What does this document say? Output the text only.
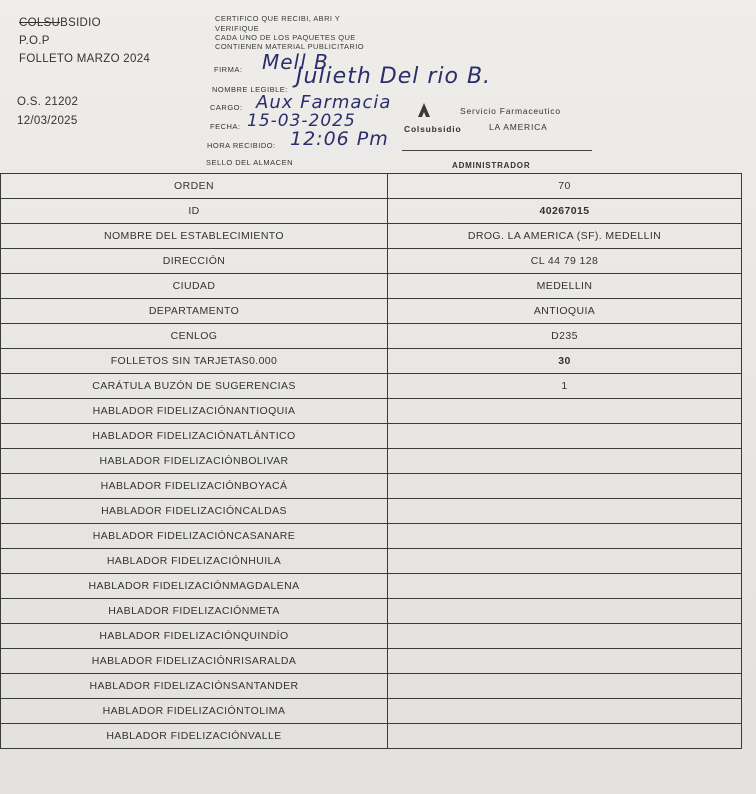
COLSUBSIDIO
P.O.P
FOLLETO MARZO 2024
O.S. 21202
12/03/2025
CERTIFICO QUE RECIBI, ABRI Y
VERIFIQUE
CADA UNO DE LOS PAQUETES QUE
CONTIENEN MATERIAL PUBLICITARIO
FIRMA: Mell B
NOMBRE LEGIBLE:
Julieth Del rio B.
CARGO: Aux Farmacia
FECHA: 15-03-2025
HORA RECIBIDO: 12:06 Pm
SELLO DEL ALMACEN
Servicio Farmaceutico
Colsubsidio	LA AMERICA
ADMINISTRADOR
ORDEN	70
ID	40267015
NOMBRE DEL ESTABLECIMIENTO	DROG. LA AMERICA (SF). MEDELLIN
DIRECCIÓN	CL 44 79 128
CIUDAD	MEDELLIN
DEPARTAMENTO	ANTIOQUIA
CENLOG	D235
FOLLETOS SIN TARJETAS0.000	30
CARÁTULA BUZÓN DE SUGERENCIAS	1
HABLADOR FIDELIZACIÓNANTIOQUIA	
HABLADOR FIDELIZACIÓNATLÁNTICO	
HABLADOR FIDELIZACIÓNBOLIVAR	
HABLADOR FIDELIZACIÓNBOYACÁ	
HABLADOR FIDELIZACIÓNCALDAS	
HABLADOR FIDELIZACIÓNCASANARE	
HABLADOR FIDELIZACIÓNHUILA	
HABLADOR FIDELIZACIÓNMAGDALENA	
HABLADOR FIDELIZACIÓNMETA	
HABLADOR FIDELIZACIÓNQUINDÍO	
HABLADOR FIDELIZACIÓNRISARALDA	
HABLADOR FIDELIZACIÓNSANTANDER	
HABLADOR FIDELIZACIÓNTOLIMA	
HABLADOR FIDELIZACIÓNVALLE	
